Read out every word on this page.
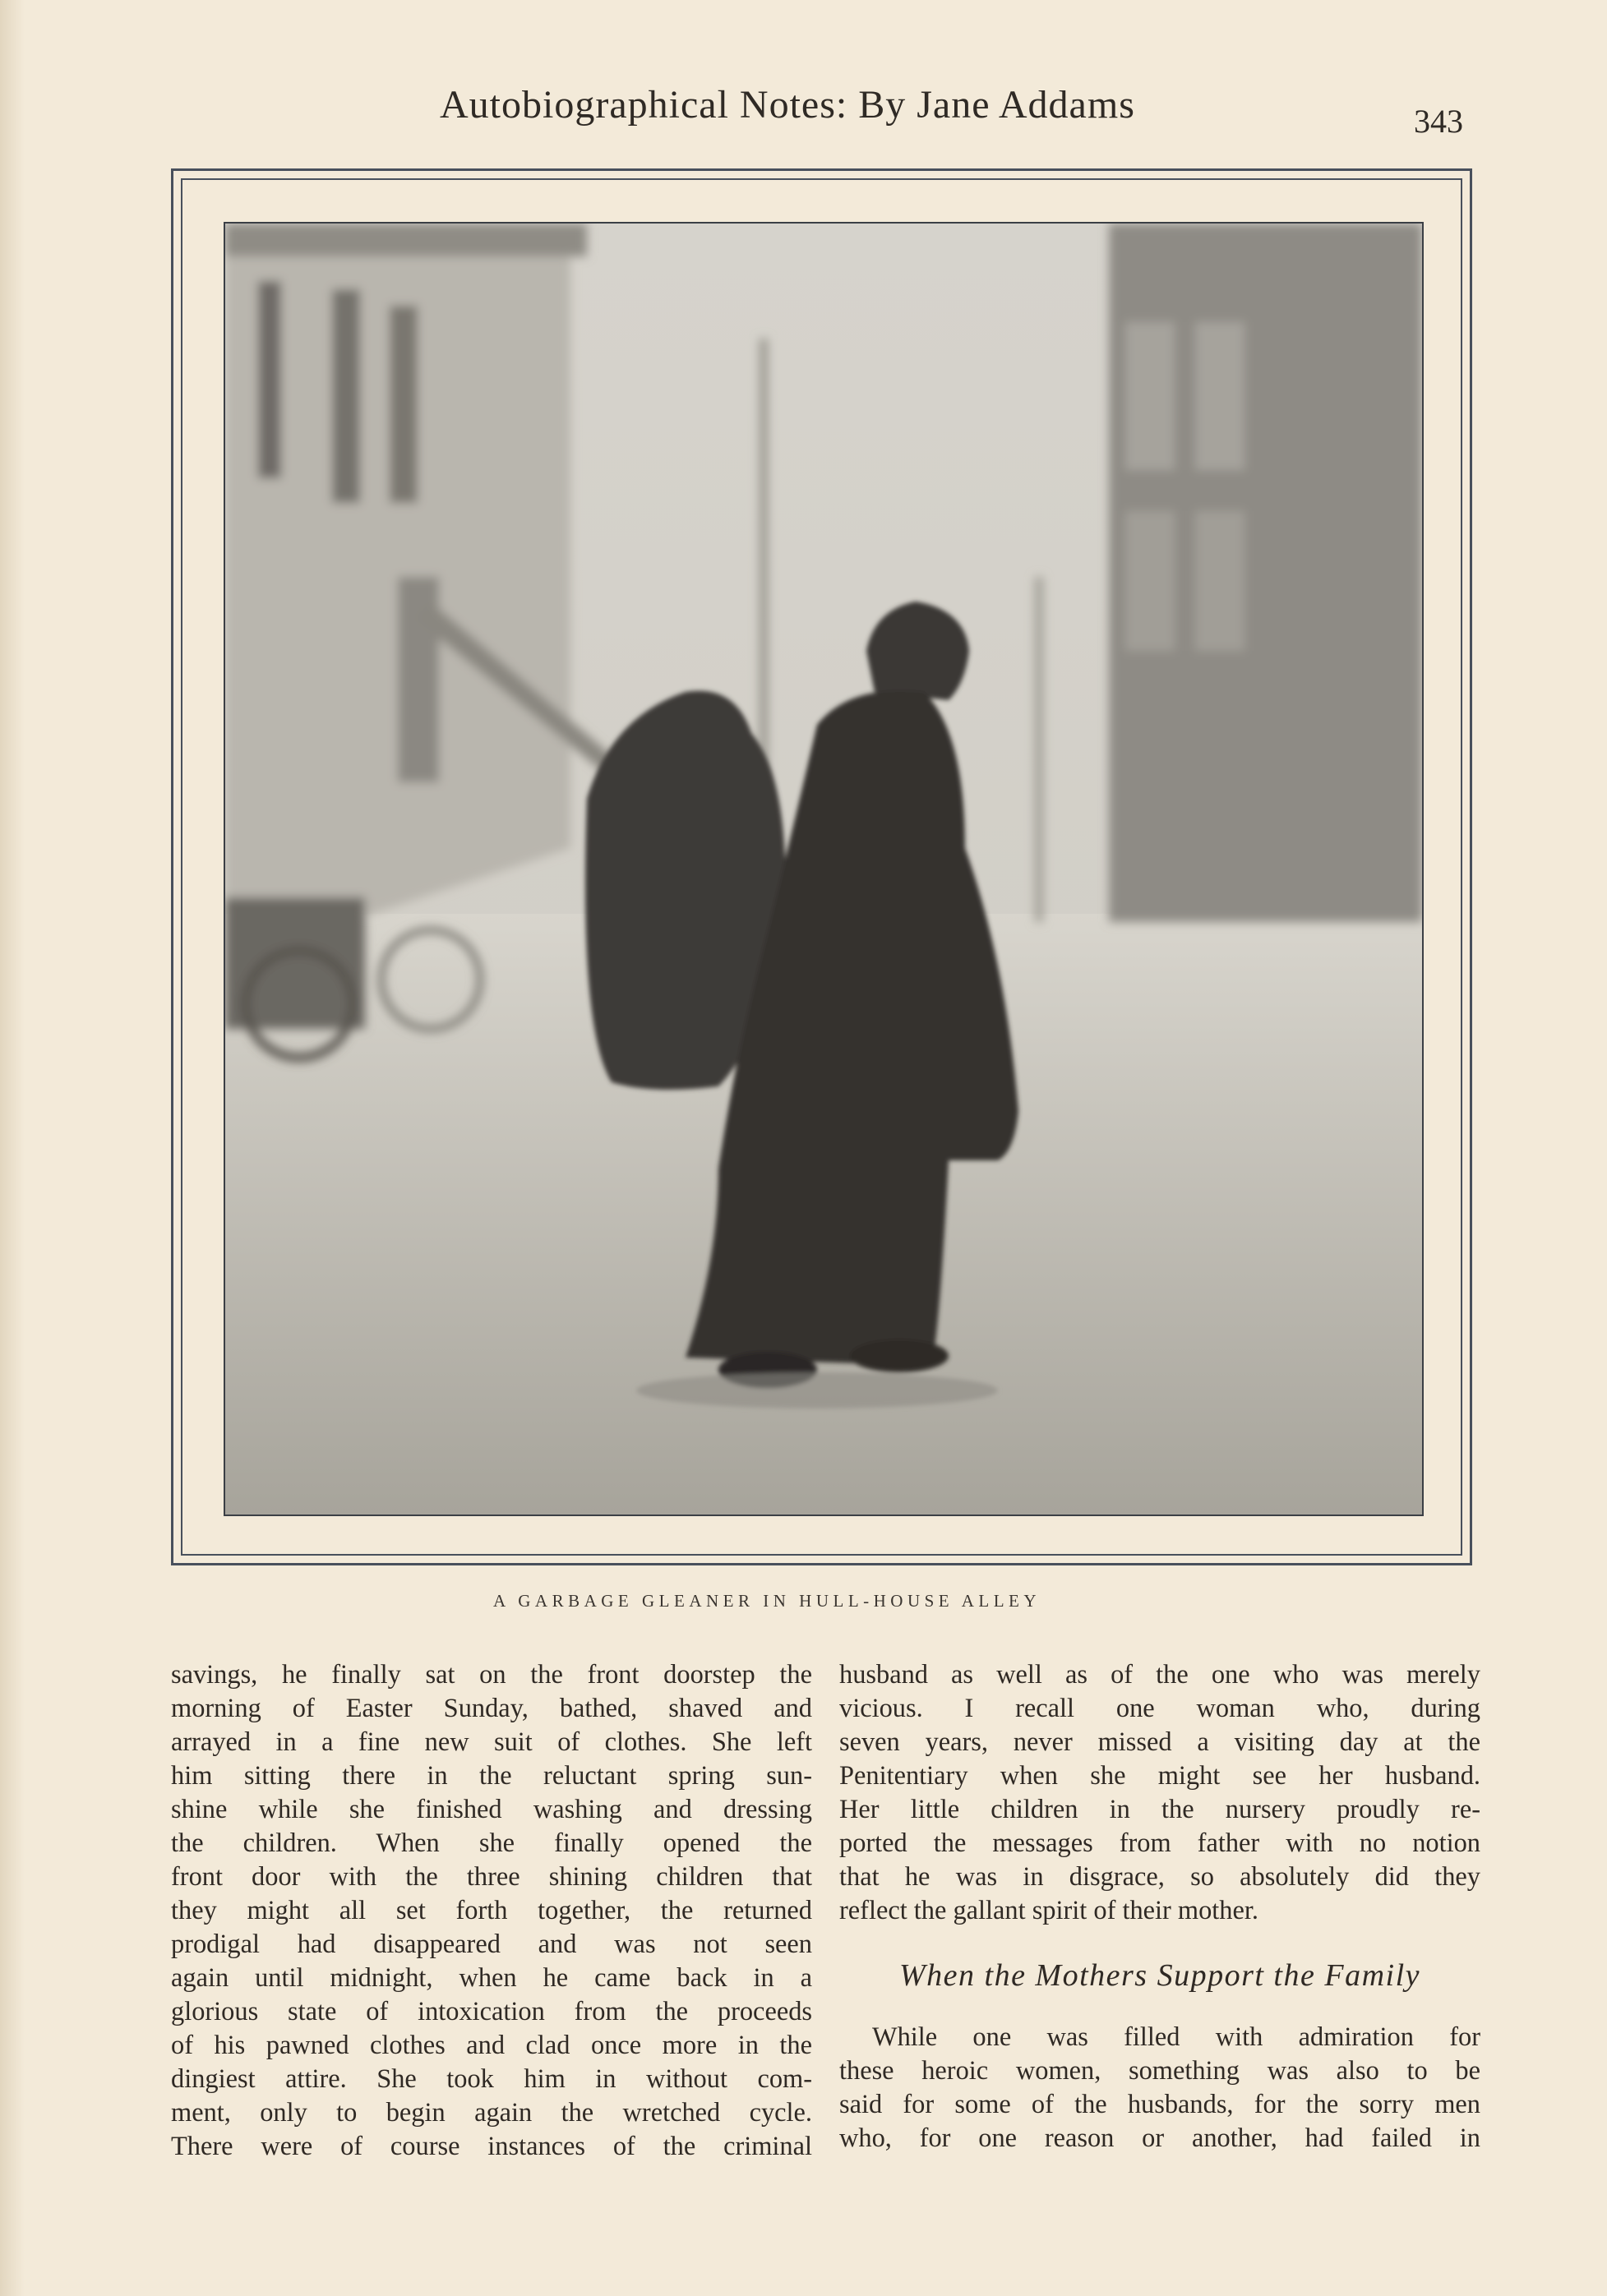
Autobiographical Notes: By Jane Addams	343
A GARBAGE GLEANER IN HULL-HOUSE ALLEY
savings, he finally sat on the front doorstep the
morning of Easter Sunday, bathed, shaved and
arrayed in a fine new suit of clothes. She left
him sitting there in the reluctant spring sun-
shine while she finished washing and dressing
the children. When she finally opened the
front door with the three shining children that
they might all set forth together, the returned
prodigal had disappeared and was not seen
again until midnight, when he came back in a
glorious state of intoxication from the proceeds
of his pawned clothes and clad once more in the
dingiest attire. She took him in without com-
ment, only to begin again the wretched cycle.
There were of course instances of the criminal
husband as well as of the one who was merely
vicious. I recall one woman who, during
seven years, never missed a visiting day at the
Penitentiary when she might see her husband.
Her little children in the nursery proudly re-
ported the messages from father with no notion
that he was in disgrace, so absolutely did they
reflect the gallant spirit of their mother.
When the Mothers Support the Family
While one was filled with admiration for
these heroic women, something was also to be
said for some of the husbands, for the sorry men
who, for one reason or another, had failed in
